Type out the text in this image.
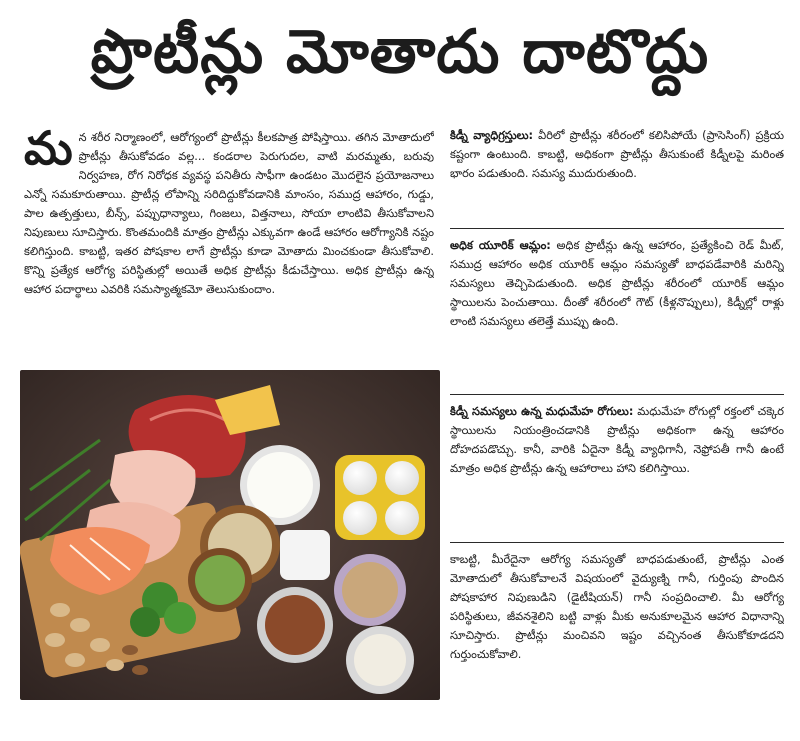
ప్రొటీన్లు మోతాదు దాటొద్దు
మ న శరీర నిర్మాణంలో, ఆరోగ్యంలో ప్రొటీన్లు కీలకపాత్ర పోషిస్తాయి. తగిన మోతాదులో ప్రొటీన్లు తీసుకోవడం వల్ల... కండరాల పెరుగుదల, వాటి మరమ్మతు, బరువు నిర్వహణ, రోగ నిరోధక వ్యవస్థ పనితీరు సాఫీగా ఉండటం మొదలైన ప్రయోజనాలు ఎన్నో సమకూరుతాయి. ప్రొటీన్ల లోపాన్ని సరిదిద్దుకోవడానికి మాంసం, సముద్ర ఆహారం, గుడ్డు, పాల ఉత్పత్తులు, బీన్స్, పప్పుధాన్యాలు, గింజలు, విత్తనాలు, సోయా లాంటివి తీసుకోవాలని నిపుణులు సూచిస్తారు. కొంతమందికి మాత్రం ప్రొటీన్లు ఎక్కువగా ఉండే ఆహారం ఆరోగ్యానికి నష్టం కలిగిస్తుంది. కాబట్టి, ఇతర పోషకాల లాగే ప్రొటీన్లు కూడా మోతాదు మించకుండా తీసుకోవాలి. కొన్ని ప్రత్యేక ఆరోగ్య పరిస్థితుల్లో అయితే అధిక ప్రొటీన్లు కీడుచేస్తాయి. అధిక ప్రొటీన్లు ఉన్న ఆహార పదార్థాలు ఎవరికి సమస్యాత్మకమో తెలుసుకుందాం.
కిడ్నీ వ్యాధిగ్రస్తులు: వీరిలో ప్రొటీన్లు శరీరంలో కలిసిపోయే (ప్రాసెసింగ్) ప్రక్రియ కష్టంగా ఉంటుంది. కాబట్టి, అధికంగా ప్రొటీన్లు తీసుకుంటే కిడ్నీలపై మరింత భారం పడుతుంది. సమస్య ముదురుతుంది.
అధిక యూరిక్ ఆమ్లం: అధిక ప్రొటీన్లు ఉన్న ఆహారం, ప్రత్యేకించి రెడ్ మీట్, సముద్ర ఆహారం అధిక యూరిక్ ఆమ్లం సమస్యతో బాధపడేవారికి మరిన్ని సమస్యలు తెచ్చిపెడుతుంది. అధిక ప్రొటీన్లు శరీరంలో యూరిక్ ఆమ్లం స్థాయిలను పెంచుతాయి. దీంతో శరీరంలో గౌట్ (కీళ్లనొప్పులు), కిడ్నీల్లో రాళ్లు లాంటి సమస్యలు తలెత్తే ముప్పు ఉంది.
కిడ్నీ సమస్యలు ఉన్న మధుమేహ రోగులు: మధుమేహ రోగుల్లో రక్తంలో చక్కెర స్థాయిలను నియంత్రించడానికి ప్రొటీన్లు అధికంగా ఉన్న ఆహారం దోహదపడొచ్చు. కానీ, వారికి ఏదైనా కిడ్నీ వ్యాధిగానీ, నెఫ్రోపతీ గానీ ఉంటే మాత్రం అధిక ప్రొటీన్లు ఉన్న ఆహారాలు హాని కలిగిస్తాయి.
కాబట్టి, మీరేదైనా ఆరోగ్య సమస్యతో బాధపడుతుంటే, ప్రొటీన్లు ఎంత మోతాదులో తీసుకోవాలనే విషయంలో వైద్యుణ్ని గానీ, గుర్తింపు పొందిన పోషకాహార నిపుణుడిని (డైటీషియన్) గానీ సంప్రదించాలి. మీ ఆరోగ్య పరిస్థితులు, జీవనశైలిని బట్టి వాళ్లు మీకు అనుకూలమైన ఆహార విధానాన్ని సూచిస్తారు. ప్రొటీన్లు మంచివని ఇష్టం వచ్చినంత తీసుకోకూడదని గుర్తుంచుకోవాలి.
